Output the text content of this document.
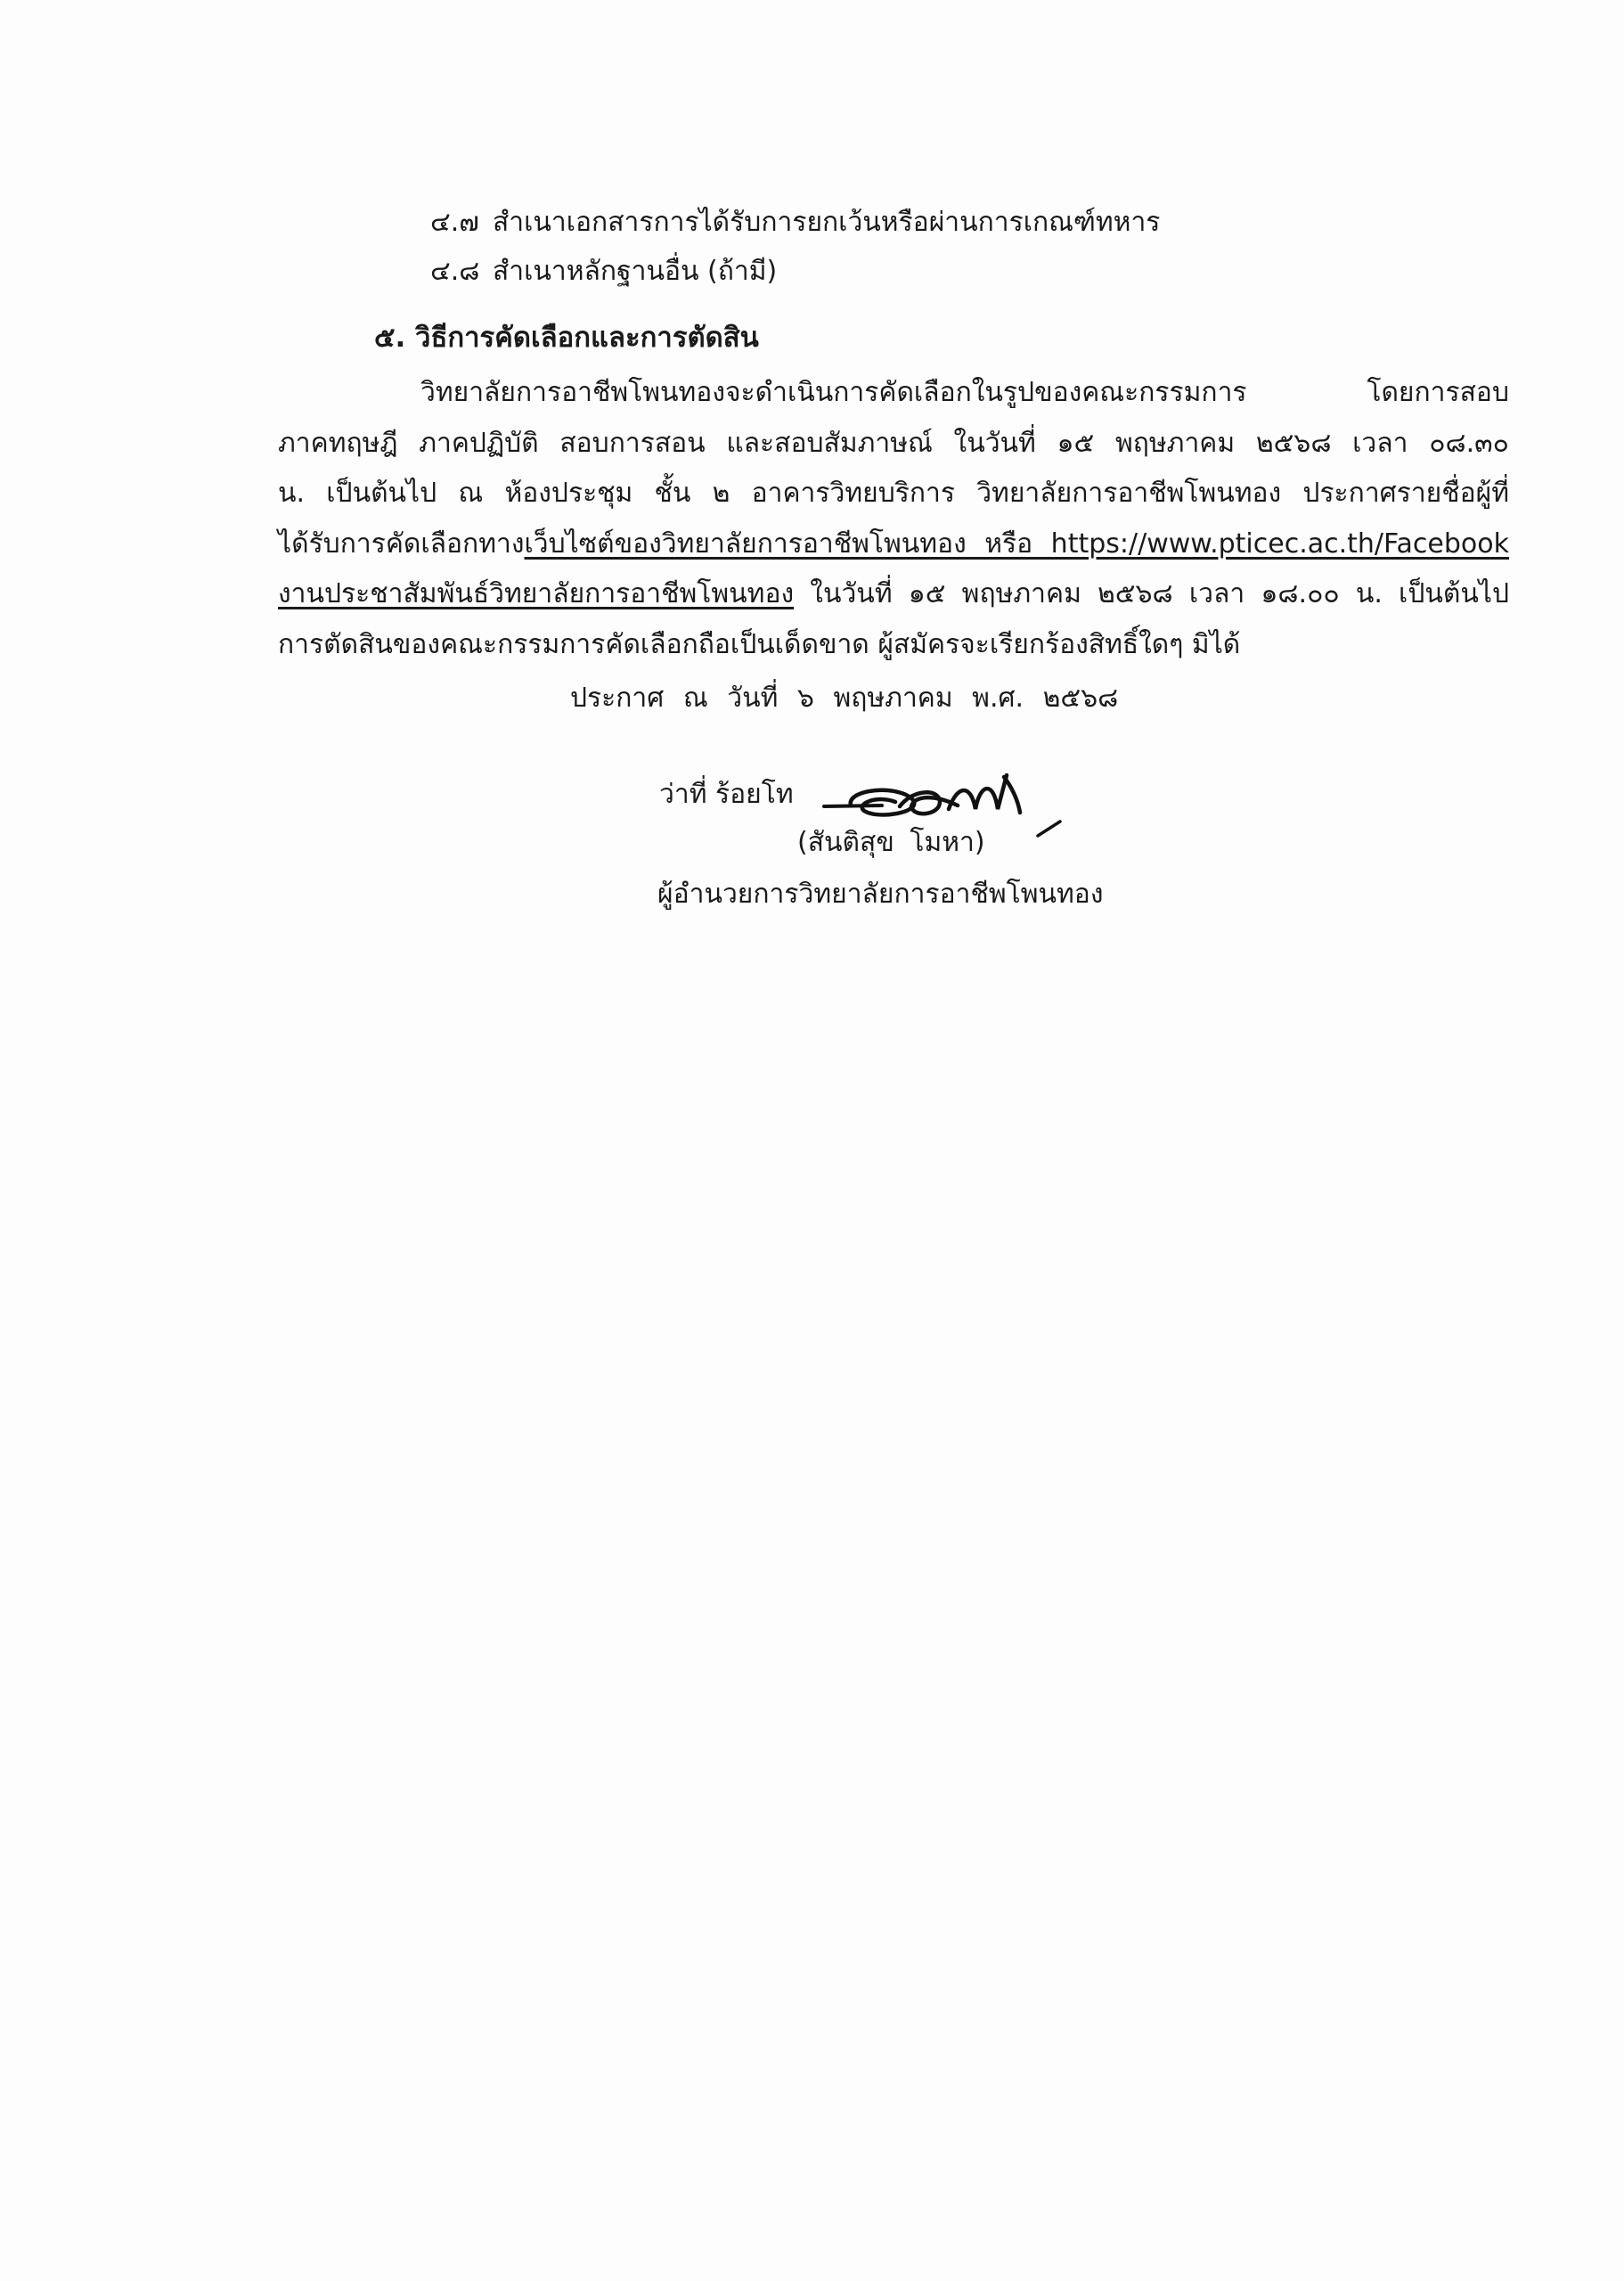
๔.๗ สำเนาเอกสารการได้รับการยกเว้นหรือผ่านการเกณฑ์ทหาร
๔.๘ สำเนาหลักฐานอื่น (ถ้ามี)
๕. วิธีการคัดเลือกและการตัดสิน
วิทยาลัยการอาชีพโพนทองจะดำเนินการคัดเลือกในรูปของคณะกรรมการ โดยการสอบ
ภาคทฤษฎี ภาคปฏิบัติ สอบการสอน และสอบสัมภาษณ์ ในวันที่ ๑๕ พฤษภาคม ๒๕๖๘ เวลา ๐๘.๓๐
น. เป็นต้นไป ณ ห้องประชุม ชั้น ๒ อาคารวิทยบริการ วิทยาลัยการอาชีพโพนทอง ประกาศรายชื่อผู้ที่
ได้รับการคัดเลือกทางเว็บไซต์ของวิทยาลัยการอาชีพโพนทอง หรือ https://www.pticec.ac.th/Facebook
งานประชาสัมพันธ์วิทยาลัยการอาชีพโพนทอง ในวันที่ ๑๕ พฤษภาคม ๒๕๖๘ เวลา ๑๘.๐๐ น. เป็นต้นไป
การตัดสินของคณะกรรมการคัดเลือกถือเป็นเด็ดขาด ผู้สมัครจะเรียกร้องสิทธิ์ใดๆ มิได้
ประกาศ ณ วันที่ ๖ พฤษภาคม พ.ศ. ๒๕๖๘
ว่าที่ ร้อยโท
(สันติสุข โมหา)
ผู้อำนวยการวิทยาลัยการอาชีพโพนทอง
